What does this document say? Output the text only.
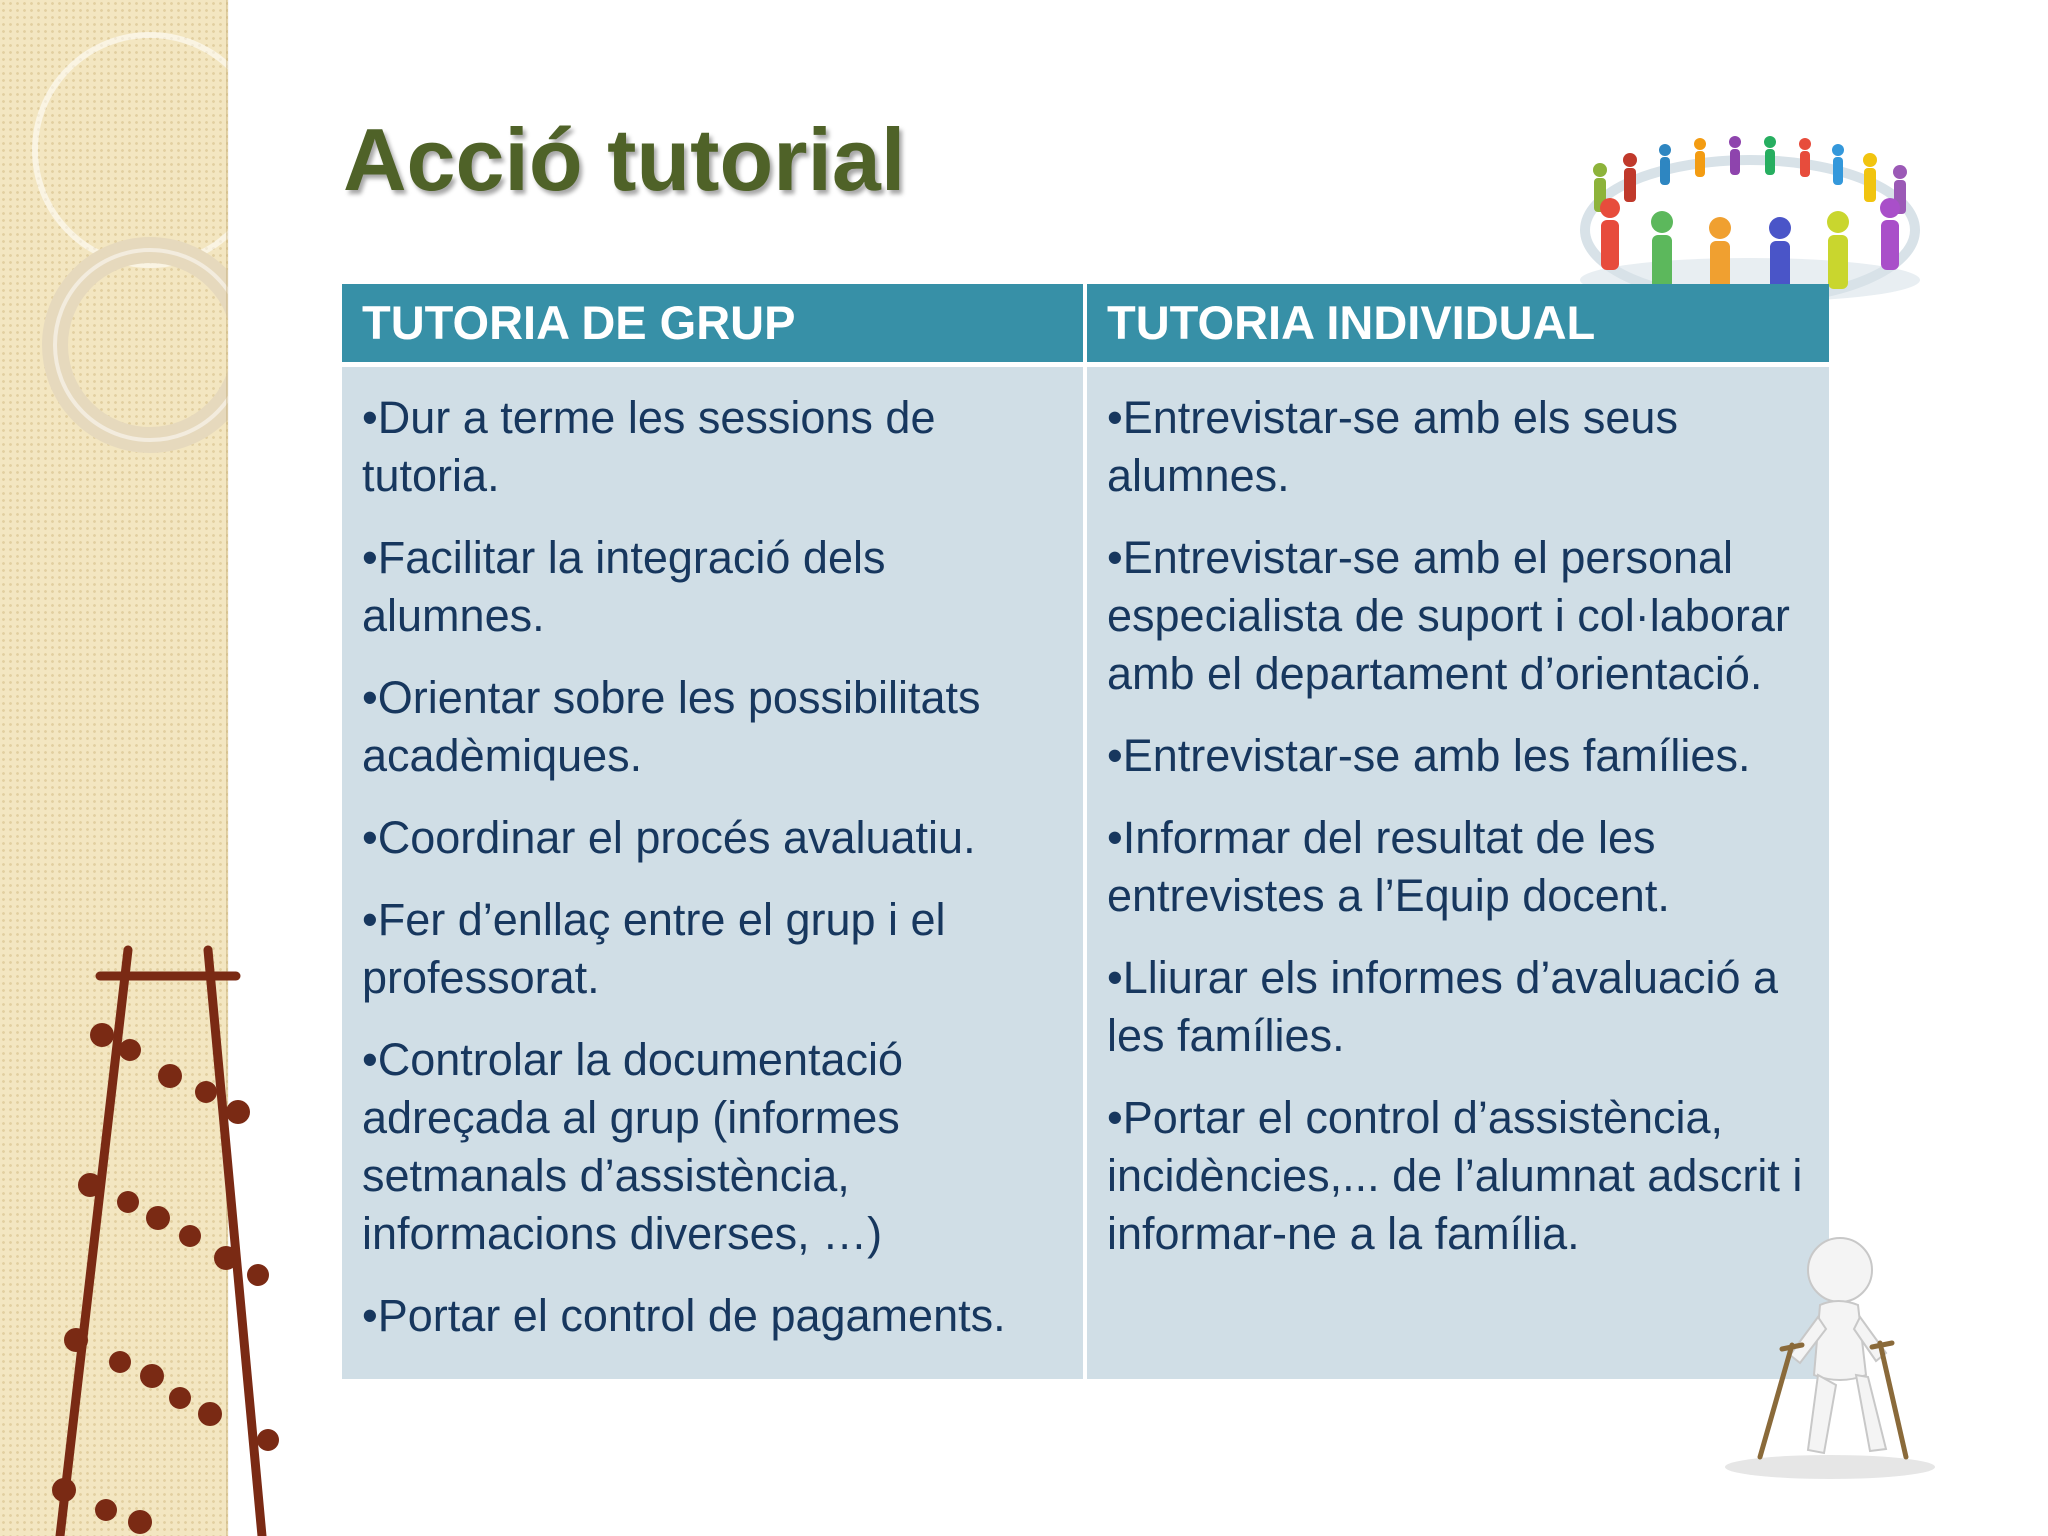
Acció tutorial
TUTORIA DE GRUP	TUTORIA INDIVIDUAL
•Dur a terme les sessions de tutoria.
•Facilitar la integració dels alumnes.
•Orientar sobre les possibilitats acadèmiques.
•Coordinar el procés avaluatiu.
•Fer d’enllaç entre el grup i el professorat.
•Controlar la documentació adreçada al grup (informes setmanals d’assistència, informacions diverses, …)
•Portar el control de pagaments.
•Entrevistar-se amb els seus alumnes.
•Entrevistar-se amb el personal especialista de suport i col·laborar amb el departament d’orientació.
•Entrevistar-se amb les famílies.
•Informar del resultat de les entrevistes a l’Equip docent.
•Lliurar els informes d’avaluació a les famílies.
•Portar el control d’assistència, incidències,... de l’alumnat adscrit i informar-ne a la família.
